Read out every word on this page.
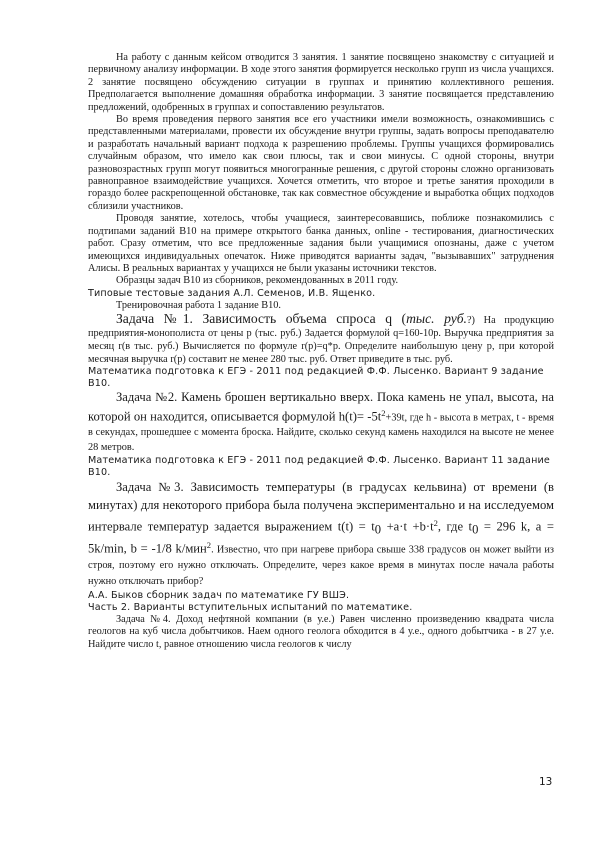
На работу с данным кейсом отводится 3 занятия. 1 занятие посвящено знакомству с ситуацией и первичному анализу информации. В ходе этого занятия формируется несколько групп из числа учащихся. 2 занятие посвящено обсуждению ситуации в группах и принятию коллективного решения. Предполагается выполнение домашняя обработка информации. 3 занятие посвящается представлению предложений, одобренных в группах и сопоставлению результатов.

Во время проведения первого занятия все его участники имели возможность, ознакомившись с представленными материалами, провести их обсуждение внутри группы, задать вопросы преподавателю и разработать начальный вариант подхода к разрешению проблемы. Группы учащихся формировались случайным образом, что имело как свои плюсы, так и свои минусы. С одной стороны, внутри разновозрастных групп могут появиться многогранные решения, с другой стороны сложно организовать равноправное взаимодействие учащихся. Хочется отметить, что второе и третье занятия проходили в гораздо более раскрепощенной обстановке, так как совместное обсуждение и выработка общих подходов сблизили участников.

Проводя занятие, хотелось, чтобы учащиеся, заинтересовавшись, поближе познакомились с подтипами заданий В10 на примере открытого банка данных, online - тестирования, диагностических работ. Сразу отметим, что все предложенные задания были учащимися опознаны, даже с учетом имеющихся индивидуальных опечаток. Ниже приводятся варианты задач, "вызывавших" затруднения Алисы. В реальных вариантах у учащихся не были указаны источники текстов.

Образцы задач В10 из сборников, рекомендованных в 2011 году.

Типовые тестовые задания А.Л. Семенов, И.В. Ященко.

Тренировочная работа 1 задание В10.

Задача №1. Зависимость объема спроса q (тыс. руб.?) На продукцию предприятия-монополиста от цены р (тыс. руб.) Задается формулой q=160-10p. Выручка предприятия за месяц r(в тыс. руб.) Вычисляется по формуле r(p)=q*p. Определите наибольшую цену р, при которой месячная выручка r(p) составит не менее 280 тыс. руб. Ответ приведите в тыс. руб.

Математика подготовка к ЕГЭ - 2011 под редакцией Ф.Ф. Лысенко. Вариант 9 задание В10.

Задача №2. Камень брошен вертикально вверх. Пока камень не упал, высота, на которой он находится, описывается формулой $h(t)= -5t^2+39t$, где h - высота в метрах, t - время в секундах, прошедшее с момента броска. Найдите, сколько секунд камень находился на высоте не менее 28 метров.

Математика подготовка к ЕГЭ - 2011 под редакцией Ф.Ф. Лысенко. Вариант 11 задание В10.

Задача №3. Зависимость температуры (в градусах кельвина) от времени (в минутах) для некоторого прибора была получена экспериментально и на исследуемом интервале температур задается выражением $t(t) = t_0 +a\cdot t +b\cdot t^2$, где $t_0 = 296$ k, a = 5k/min, b = -1/8 k/мин$^2$. Известно, что при нагреве прибора свыше 338 градусов он может выйти из строя, поэтому его нужно отключать. Определите, через какое время в минутах после начала работы нужно отключать прибор?

А.А. Быков сборник задач по математике ГУ ВШЭ.

Часть 2. Варианты вступительных испытаний по математике.

Задача №4. Доход нефтяной компании (в у.е.) Равен численно произведению квадрата числа геологов на куб числа добытчиков. Наем одного геолога обходится в 4 у.е., одного добытчика - в 27 у.е. Найдите число t, равное отношению числа геологов к числу

13
